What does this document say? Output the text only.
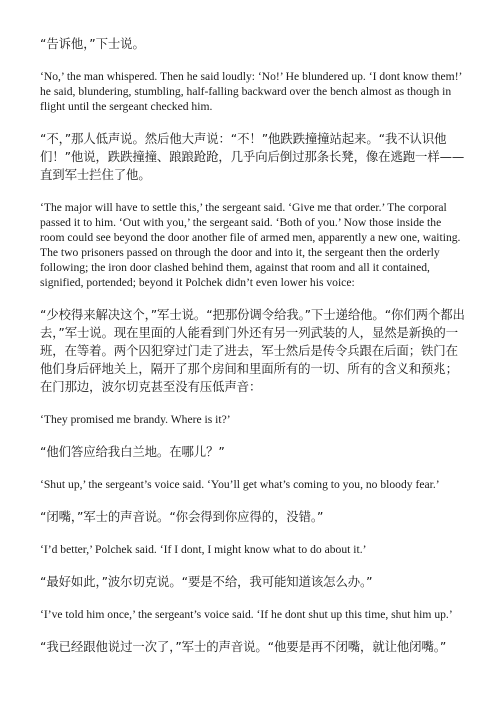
“告诉他，”下士说。

‘No,’ the man whispered. Then he said loudly: ‘No!’ He blundered up. ‘I dont know them!’ he said, blundering, stumbling, half-falling backward over the bench almost as though in flight until the sergeant checked him.

“不，”那人低声说。然后他大声说：“不！”他跌跌撞撞站起来。“我不认识他们！”他说，跌跌撞撞、踉踉跄跄，几乎向后倒过那条长凳，像在逃跑一样——直到军士拦住了他。

‘The major will have to settle this,’ the sergeant said. ‘Give me that order.’ The corporal passed it to him. ‘Out with you,’ the sergeant said. ‘Both of you.’ Now those inside the room could see beyond the door another file of armed men, apparently a new one, waiting. The two prisoners passed on through the door and into it, the sergeant then the orderly following; the iron door clashed behind them, against that room and all it contained, signified, portended; beyond it Polchek didn’t even lower his voice:

“少校得来解决这个，”军士说。“把那份调令给我。”下士递给他。“你们两个都出去，”军士说。现在里面的人能看到门外还有另一列武装的人，显然是新换的一班，在等着。两个囚犯穿过门走了进去，军士然后是传令兵跟在后面；铁门在他们身后砰地关上，隔开了那个房间和里面所有的一切、所有的含义和预兆；在门那边，波尔切克甚至没有压低声音：

‘They promised me brandy. Where is it?’

“他们答应给我白兰地。在哪儿？”

‘Shut up,’ the sergeant’s voice said. ‘You’ll get what’s coming to you, no bloody fear.’

“闭嘴，”军士的声音说。“你会得到你应得的，没错。”

‘I’d better,’ Polchek said. ‘If I dont, I might know what to do about it.’

“最好如此，”波尔切克说。“要是不给，我可能知道该怎么办。”

‘I’ve told him once,’ the sergeant’s voice said. ‘If he dont shut up this time, shut him up.’

“我已经跟他说过一次了，”军士的声音说。“他要是再不闭嘴，就让他闭嘴。”
